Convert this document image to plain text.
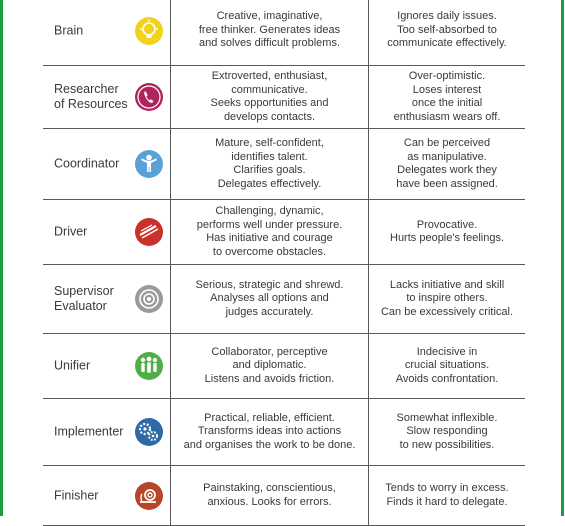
Brain
Creative, imaginative,
free thinker. Generates ideas
and solves difficult problems.
Ignores daily issues.
Too self-absorbed to
communicate effectively.
Researcher
of Resources
Extroverted, enthusiast,
communicative.
Seeks opportunities and
develops contacts.
Over-optimistic.
Loses interest
once the initial
enthusiasm wears off.
Coordinator
Mature, self-confident,
identifies talent.
Clarifies goals.
Delegates effectively.
Can be perceived
as manipulative.
Delegates work they
have been assigned.
Driver
Challenging, dynamic,
performs well under pressure.
Has initiative and courage
to overcome obstacles.
Provocative.
Hurts people's feelings.
Supervisor
Evaluator
Serious, strategic and shrewd.
Analyses all options and
judges accurately.
Lacks initiative and skill
to inspire others.
Can be excessively critical.
Unifier
Collaborator, perceptive
and diplomatic.
Listens and avoids friction.
Indecisive in
crucial situations.
Avoids confrontation.
Implementer
Practical, reliable, efficient.
Transforms ideas into actions
and organises the work to be done.
Somewhat inflexible.
Slow responding
to new possibilities.
Finisher	Painstaking, conscientious,
anxious. Looks for errors.
Tends to worry in excess.
Finds it hard to delegate.
